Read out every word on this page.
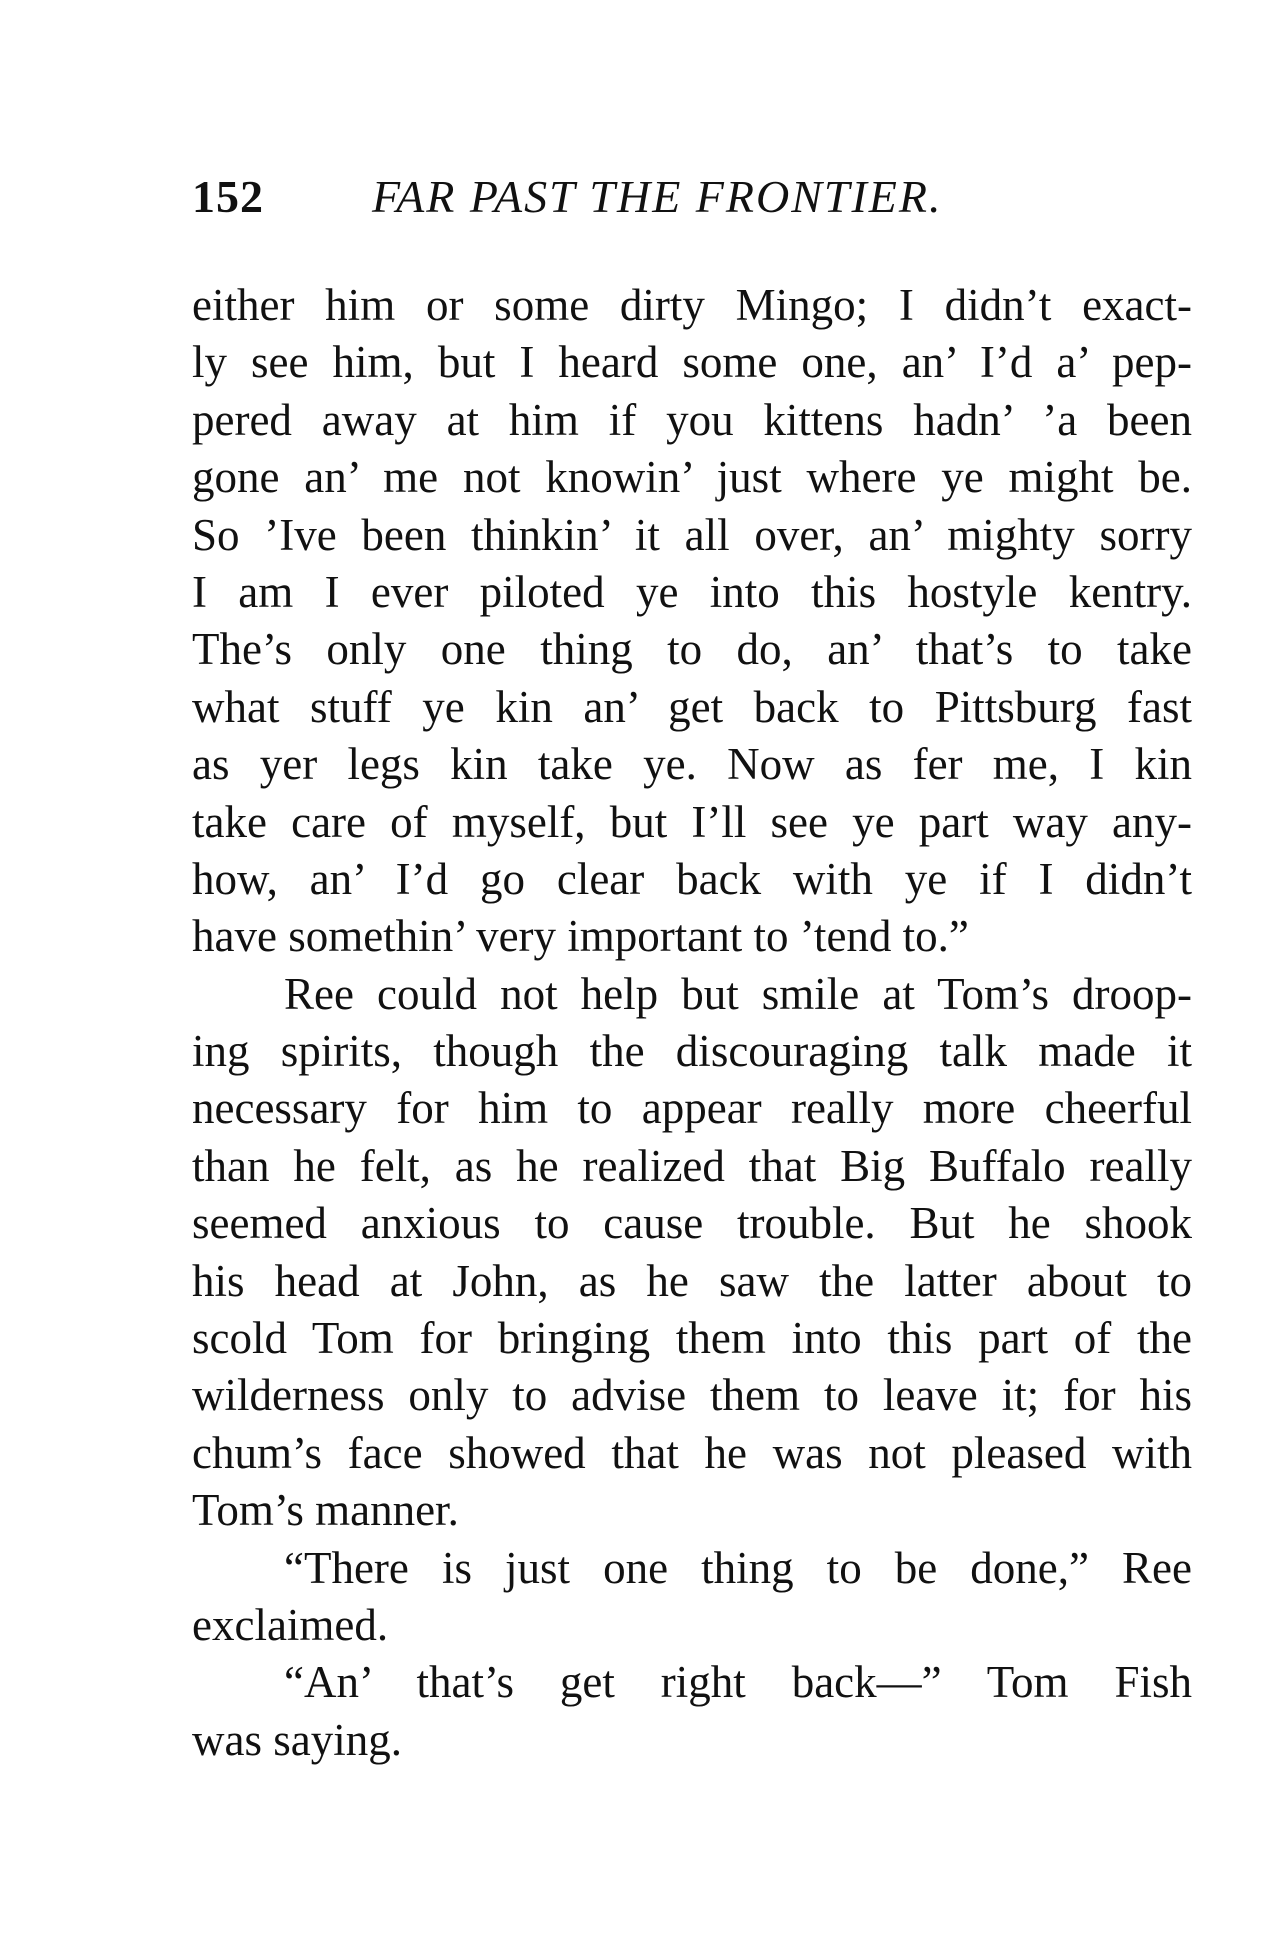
152 FAR PAST THE FRONTIER.
either him or some dirty Mingo; I didn’t exact-
ly see him, but I heard some one, an’ I’d a’ pep-
pered away at him if you kittens hadn’ ’a been
gone an’ me not knowin’ just where ye might be.
So ’Ive been thinkin’ it all over, an’ mighty sorry
I am I ever piloted ye into this hostyle kentry.
The’s only one thing to do, an’ that’s to take
what stuff ye kin an’ get back to Pittsburg fast
as yer legs kin take ye. Now as fer me, I kin
take care of myself, but I’ll see ye part way any-
how, an’ I’d go clear back with ye if I didn’t
have somethin’ very important to ’tend to.”
Ree could not help but smile at Tom’s droop-
ing spirits, though the discouraging talk made it
necessary for him to appear really more cheerful
than he felt, as he realized that Big Buffalo really
seemed anxious to cause trouble. But he shook
his head at John, as he saw the latter about to
scold Tom for bringing them into this part of the
wilderness only to advise them to leave it; for his
chum’s face showed that he was not pleased with
Tom’s manner.
“There is just one thing to be done,” Ree
exclaimed.
“An’ that’s get right back—” Tom Fish
was saying.
